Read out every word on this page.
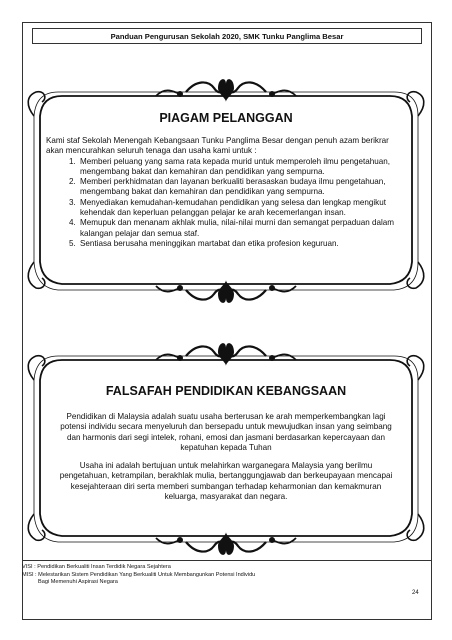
Panduan Pengurusan Sekolah 2020, SMK Tunku Panglima Besar
PIAGAM PELANGGAN

Kami staf Sekolah Menengah Kebangsaan Tunku Panglima Besar dengan penuh azam berikrar akan mencurahkan seluruh tenaga dan usaha kami untuk :

1. Memberi peluang yang sama rata kepada murid untuk memperoleh ilmu pengetahuan, mengembang bakat dan kemahiran dan pendidikan yang sempurna.
2. Memberi perkhidmatan dan layanan berkualiti berasaskan budaya ilmu pengetahuan, mengembang bakat dan kemahiran dan pendidikan yang sempurna.
3. Menyediakan kemudahan-kemudahan pendidikan yang selesa dan lengkap mengikut kehendak dan keperluan pelanggan pelajar ke arah kecemerlangan insan.
4. Memupuk dan menanam akhlak mulia, nilai-nilai murni dan semangat perpaduan dalam kalangan pelajar dan semua staf.
5. Sentiasa berusaha meninggikan martabat dan etika profesion keguruan.
FALSAFAH PENDIDIKAN KEBANGSAAN

Pendidikan di Malaysia adalah suatu usaha berterusan ke arah memperkembangkan lagi potensi individu secara menyeluruh dan bersepadu untuk mewujudkan insan yang seimbang dan harmonis dari segi intelek, rohani, emosi dan jasmani berdasarkan kepercayaan dan kepatuhan kepada Tuhan

Usaha ini adalah bertujuan untuk melahirkan warganegara Malaysia yang berilmu pengetahuan, ketrampilan, berakhlak mulia, bertanggungjawab dan berkeupayaan mencapai kesejahteraan diri serta memberi sumbangan terhadap keharmonian dan kemakmuran keluarga, masyarakat dan negara.

VISI : Pendidikan Berkualiti Insan Terdidik Negara Sejahtera
MISI : Melestarikan Sistem Pendidikan Yang Berkualiti Untuk Membangunkan Potensi Individu
Bagi Memenuhi Aspirasi Negara
24
